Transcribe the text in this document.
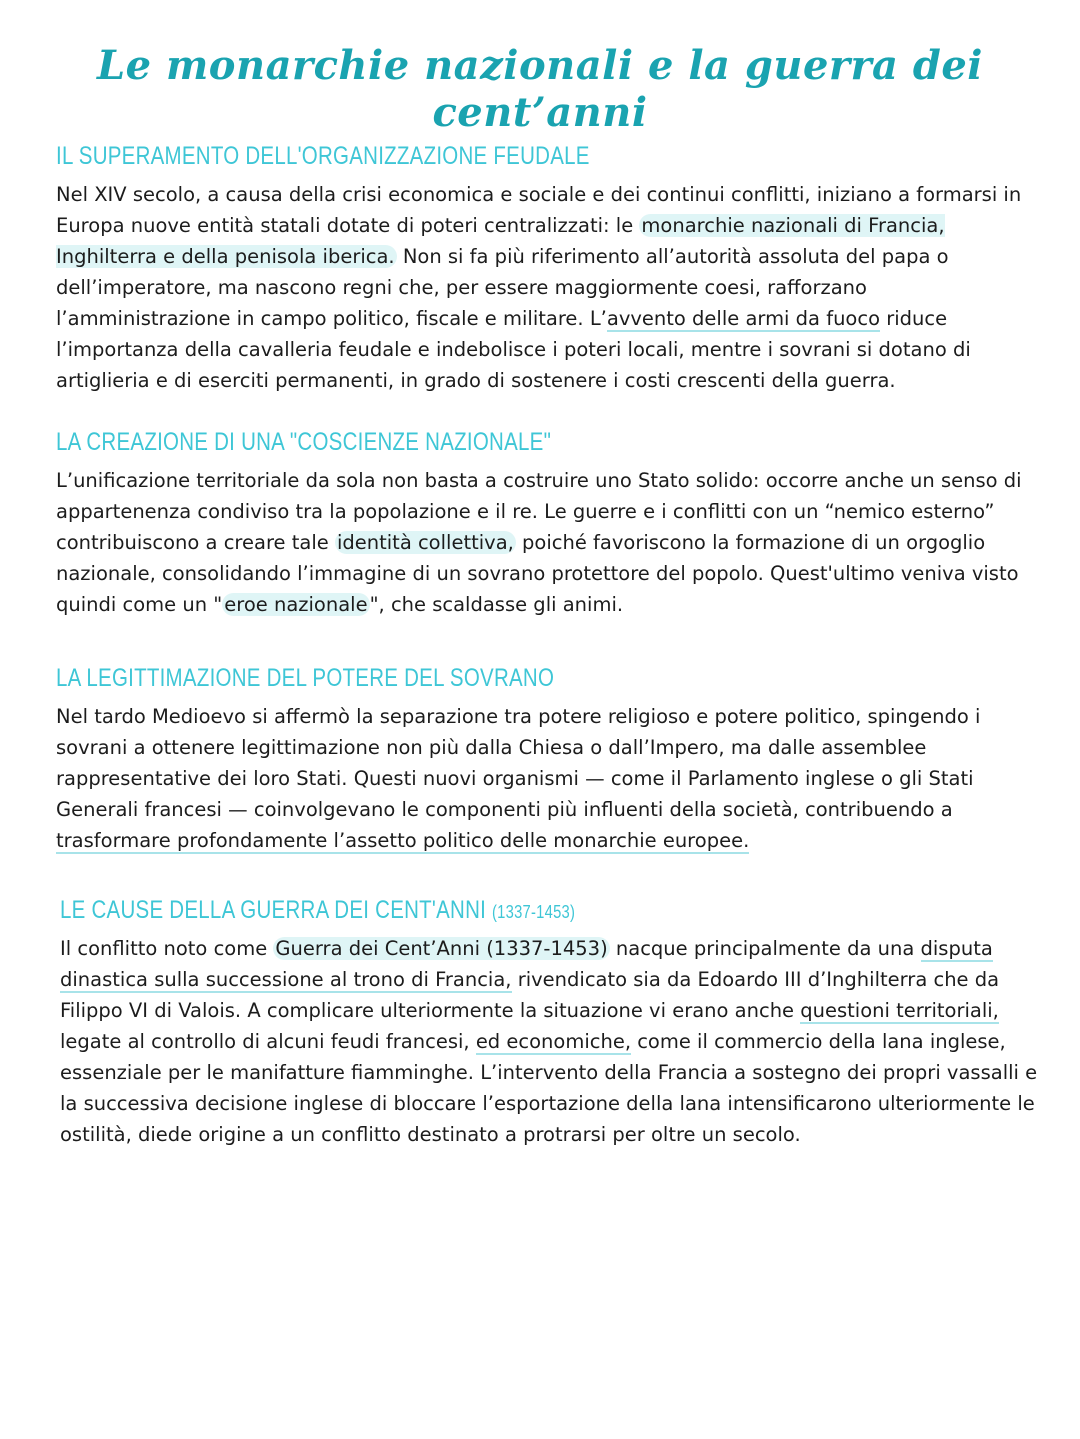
Le monarchie nazionali e la guerra dei cent’anni
IL SUPERAMENTO DELL'ORGANIZZAZIONE FEUDALE

Nel XIV secolo, a causa della crisi economica e sociale e dei continui conflitti, iniziano a formarsi in Europa nuove entità statali dotate di poteri centralizzati: le monarchie nazionali di Francia, Inghilterra e della penisola iberica. Non si fa più riferimento all’autorità assoluta del papa o dell’imperatore, ma nascono regni che, per essere maggiormente coesi, rafforzano l’amministrazione in campo politico, fiscale e militare. L’avvento delle armi da fuoco riduce l’importanza della cavalleria feudale e indebolisce i poteri locali, mentre i sovrani si dotano di artiglieria e di eserciti permanenti, in grado di sostenere i costi crescenti della guerra.

LA CREAZIONE DI UNA "COSCIENZE NAZIONALE"

L’unificazione territoriale da sola non basta a costruire uno Stato solido: occorre anche un senso di appartenenza condiviso tra la popolazione e il re. Le guerre e i conflitti con un “nemico esterno” contribuiscono a creare tale identità collettiva, poiché favoriscono la formazione di un orgoglio nazionale, consolidando l’immagine di un sovrano protettore del popolo. Quest'ultimo veniva visto quindi come un " eroe nazionale ", che scaldasse gli animi.

LA LEGITTIMAZIONE DEL POTERE DEL SOVRANO

Nel tardo Medioevo si affermò la separazione tra potere religioso e potere politico, spingendo i sovrani a ottenere legittimazione non più dalla Chiesa o dall’Impero, ma dalle assemblee rappresentative dei loro Stati. Questi nuovi organismi — come il Parlamento inglese o gli Stati Generali francesi — coinvolgevano le componenti più influenti della società, contribuendo a trasformare profondamente l’assetto politico delle monarchie europee.

LE CAUSE DELLA GUERRA DEI CENT'ANNI (1337-1453)

Il conflitto noto come Guerra dei Cent’Anni (1337-1453) nacque principalmente da una disputa dinastica sulla successione al trono di Francia, rivendicato sia da Edoardo III d’Inghilterra che da Filippo VI di Valois. A complicare ulteriormente la situazione vi erano anche questioni territoriali, legate al controllo di alcuni feudi francesi, ed economiche, come il commercio della lana inglese, essenziale per le manifatture fiamminghe. L’intervento della Francia a sostegno dei propri vassalli e la successiva decisione inglese di bloccare l’esportazione della lana intensificarono ulteriormente le ostilità, diede origine a un conflitto destinato a protrarsi per oltre un secolo.
